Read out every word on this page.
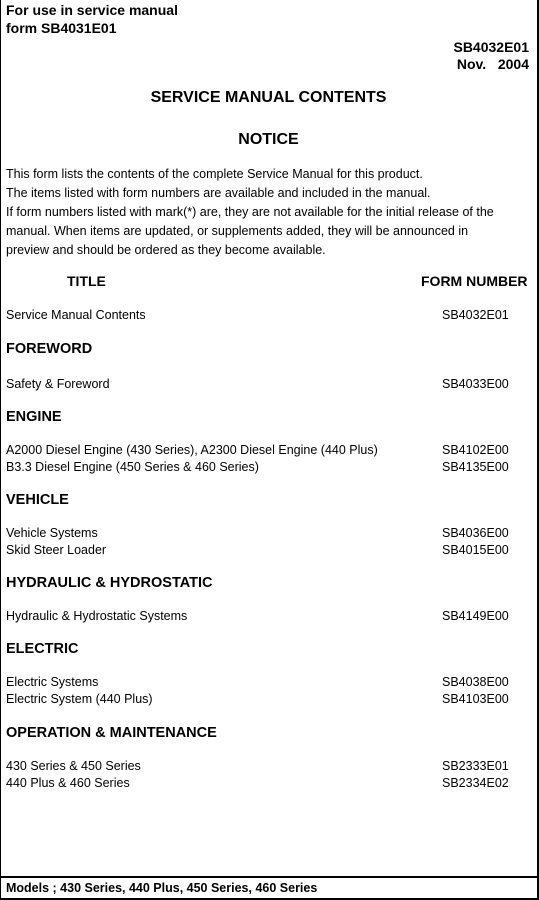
For use in service manual
form SB4031E01
SB4032E01
Nov.   2004
SERVICE MANUAL CONTENTS
NOTICE

This form lists the contents of the complete Service Manual for this product.

The items listed with form numbers are available and included in the manual.

If form numbers listed with mark(*) are, they are not available for the initial release of the

manual. When items are updated, or supplements added, they will be announced in

preview and should be ordered as they become available.

TITLE	FORM NUMBER
Service Manual Contents	SB4032E01
FOREWORD
Safety & Foreword	SB4033E00
ENGINE
A2000 Diesel Engine (430 Series), A2300 Diesel Engine (440 Plus)	SB4102E00
B3.3 Diesel Engine (450 Series & 460 Series)	SB4135E00
VEHICLE
Vehicle Systems	SB4036E00
Skid Steer Loader	SB4015E00
HYDRAULIC & HYDROSTATIC
Hydraulic & Hydrostatic Systems	SB4149E00
ELECTRIC
Electric Systems	SB4038E00
Electric System (440 Plus)	SB4103E00
OPERATION & MAINTENANCE
430 Series & 450 Series	SB2333E01
440 Plus & 460 Series	SB2334E02
Models ; 430 Series, 440 Plus, 450 Series, 460 Series
